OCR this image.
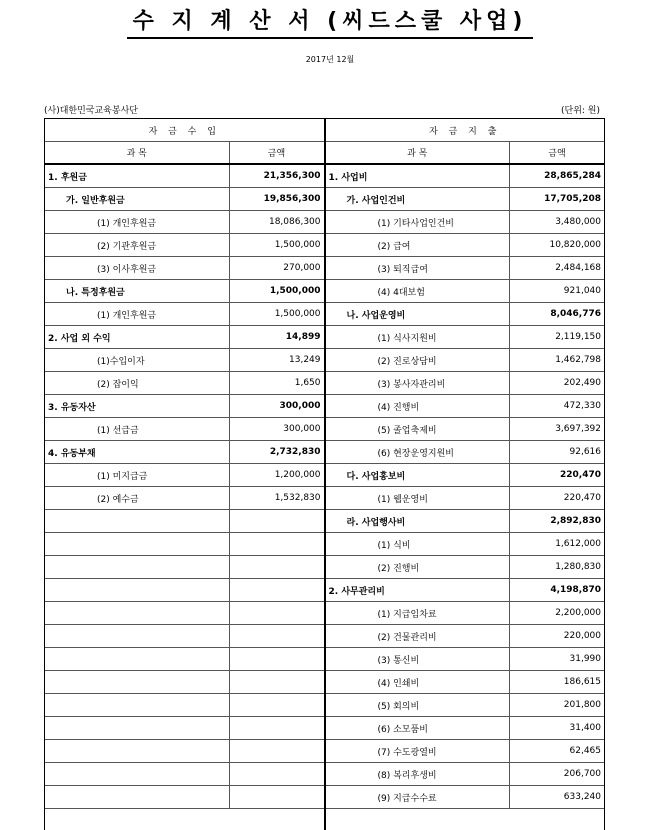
수 지 계 산 서 (씨드스쿨 사업)
2017년 12월
(사)대한민국교육봉사단	(단위: 원)
자 금 수 입
과 목	금액
1. 후원금	21,356,300
가. 일반후원금	19,856,300
(1) 개인후원금	18,086,300
(2) 기관후원금	1,500,000
(3) 이사후원금	270,000
나. 특정후원금	1,500,000
(1) 개인후원금	1,500,000
2. 사업 외 수익	14,899
(1)수입이자	13,249
(2) 잡이익	1,650
3. 유동자산	300,000
(1) 선급금	300,000
4. 유동부채	2,732,830
(1) 미지급금	1,200,000
(2) 예수금	1,532,830
자 금 지 출
과 목	금액
1. 사업비	28,865,284
가. 사업인건비	17,705,208
(1) 기타사업인건비	3,480,000
(2) 급여	10,820,000
(3) 퇴직급여	2,484,168
(4) 4대보험	921,040
나. 사업운영비	8,046,776
(1) 식사지원비	2,119,150
(2) 진로상담비	1,462,798
(3) 봉사자관리비	202,490
(4) 진행비	472,330
(5) 졸업축제비	3,697,392
(6) 현장운영지원비	92,616
다. 사업홍보비	220,470
(1) 웹운영비	220,470
라. 사업행사비	2,892,830
(1) 식비	1,612,000
(2) 진행비	1,280,830
2. 사무관리비	4,198,870
(1) 지급임차료	2,200,000
(2) 건물관리비	220,000
(3) 통신비	31,990
(4) 인쇄비	186,615
(5) 회의비	201,800
(6) 소모품비	31,400
(7) 수도광열비	62,465
(8) 복리후생비	206,700
(9) 지급수수료	633,240
